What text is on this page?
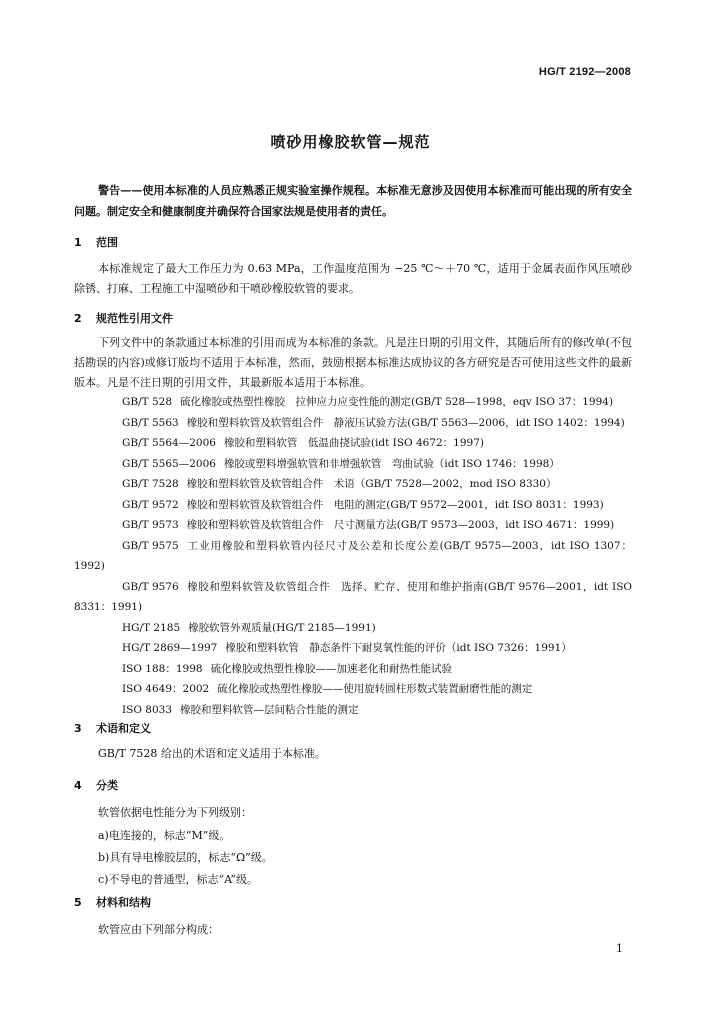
HG/T 2192—2008
喷砂用橡胶软管—规范
警告——使用本标准的人员应熟悉正规实验室操作规程。本标准无意涉及因使用本标准而可能出现的所有安全问题。制定安全和健康制度并确保符合国家法规是使用者的责任。
1 范围
本标准规定了最大工作压力为 0.63 MPa，工作温度范围为 −25 ℃～＋70 ℃，适用于金属表面作风压喷砂除锈、打麻、工程施工中湿喷砂和干喷砂橡胶软管的要求。
2 规范性引用文件
下列文件中的条款通过本标准的引用而成为本标准的条款。凡是注日期的引用文件，其随后所有的修改单(不包括勘误的内容)或修订版均不适用于本标准，然而，鼓励根据本标准达成协议的各方研究是否可使用这些文件的最新版本。凡是不注日期的引用文件，其最新版本适用于本标准。
GB/T 528 硫化橡胶或热塑性橡胶　拉伸应力应变性能的测定(GB/T 528—1998，eqv ISO 37：1994)
GB/T 5563 橡胶和塑料软管及软管组合件　静液压试验方法(GB/T 5563—2006，idt ISO 1402：1994)
GB/T 5564—2006 橡胶和塑料软管　低温曲挠试验(idt ISO 4672：1997)
GB/T 5565—2006 橡胶或塑料增强软管和非增强软管　弯曲试验（idt ISO 1746：1998）
GB/T 7528 橡胶和塑料软管及软管组合件　术语（GB/T 7528—2002，mod ISO 8330）
GB/T 9572 橡胶和塑料软管及软管组合件　电阻的测定(GB/T 9572—2001，idt ISO 8031：1993)
GB/T 9573 橡胶和塑料软管及软管组合件　尺寸测量方法(GB/T 9573—2003，idt ISO 4671：1999)
GB/T 9575 工业用橡胶和塑料软管内径尺寸及公差和长度公差(GB/T 9575—2003，idt ISO 1307：1992)
GB/T 9576 橡胶和塑料软管及软管组合件　选择、贮存、使用和维护指南(GB/T 9576—2001，idt ISO 8331：1991)
HG/T 2185 橡胶软管外观质量(HG/T 2185—1991)
HG/T 2869—1997 橡胶和塑料软管　静态条件下耐臭氧性能的评价（idt ISO 7326：1991）
ISO 188：1998 硫化橡胶或热塑性橡胶——加速老化和耐热性能试验
ISO 4649：2002 硫化橡胶或热塑性橡胶——使用旋转圆柱形数式装置耐磨性能的测定
ISO 8033 橡胶和塑料软管—层间粘合性能的测定
3 术语和定义
GB/T 7528 给出的术语和定义适用于本标准。
4 分类
软管依据电性能分为下列级别：
a)电连接的，标志“M”级。
b)具有导电橡胶层的，标志“Ω”级。
c)不导电的普通型，标志“A”级。
5 材料和结构
软管应由下列部分构成：
1
